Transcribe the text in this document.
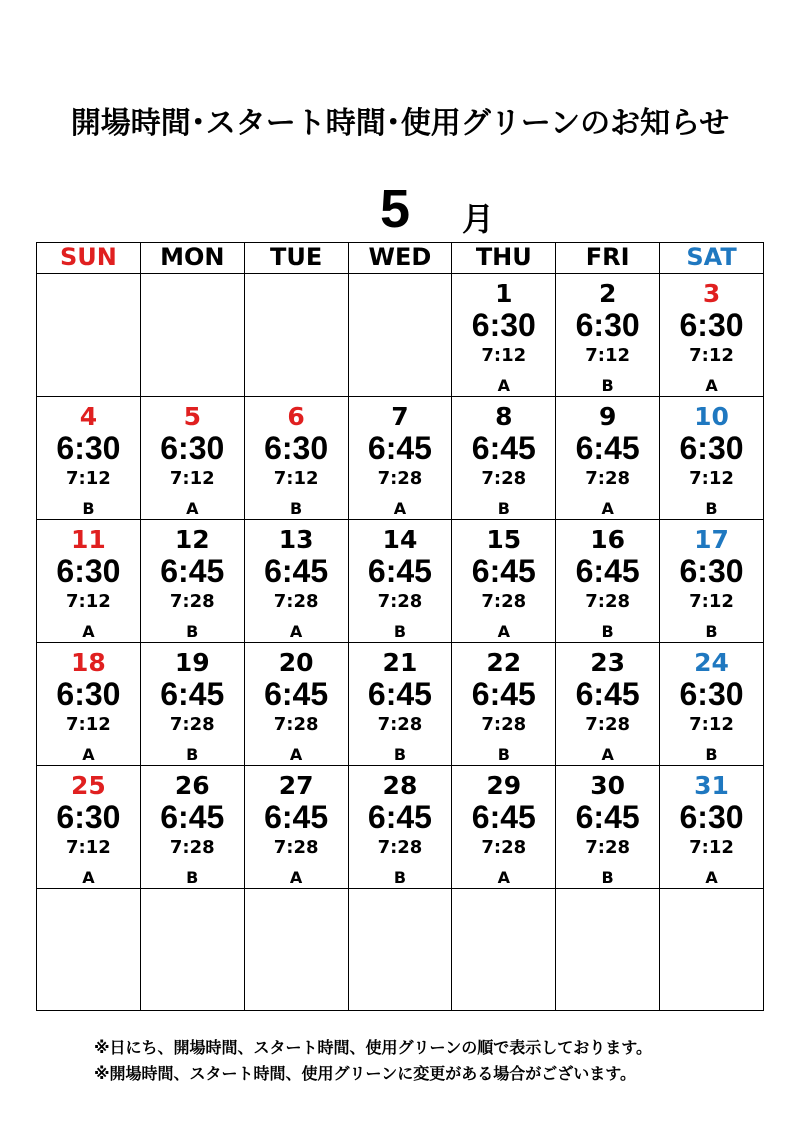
開場時間･スタート時間･使用グリーンのお知らせ
5 月
SUN	MON	TUE	WED	THU	FRI	SAT

				1
6:30
7:12
A	2
6:30
7:12
B	3
6:30
7:12
A

4
6:30
7:12
B	5
6:30
7:12
A	6
6:30
7:12
B	7
6:45
7:28
A	8
6:45
7:28
B	9
6:45
7:28
A	10
6:30
7:12
B

11
6:30
7:12
A	12
6:45
7:28
B	13
6:45
7:28
A	14
6:45
7:28
B	15
6:45
7:28
A	16
6:45
7:28
B	17
6:30
7:12
B

18
6:30
7:12
A	19
6:45
7:28
B	20
6:45
7:28
A	21
6:45
7:28
B	22
6:45
7:28
B	23
6:45
7:28
A	24
6:30
7:12
B

25
6:30
7:12
A	26
6:45
7:28
B	27
6:45
7:28
A	28
6:45
7:28
B	29
6:45
7:28
A	30
6:45
7:28
B	31
6:30
7:12
A

※日にち、開場時間、スタート時間、使用グリーンの順で表示しております。
※開場時間、スタート時間、使用グリーンに変更がある場合がございます。
